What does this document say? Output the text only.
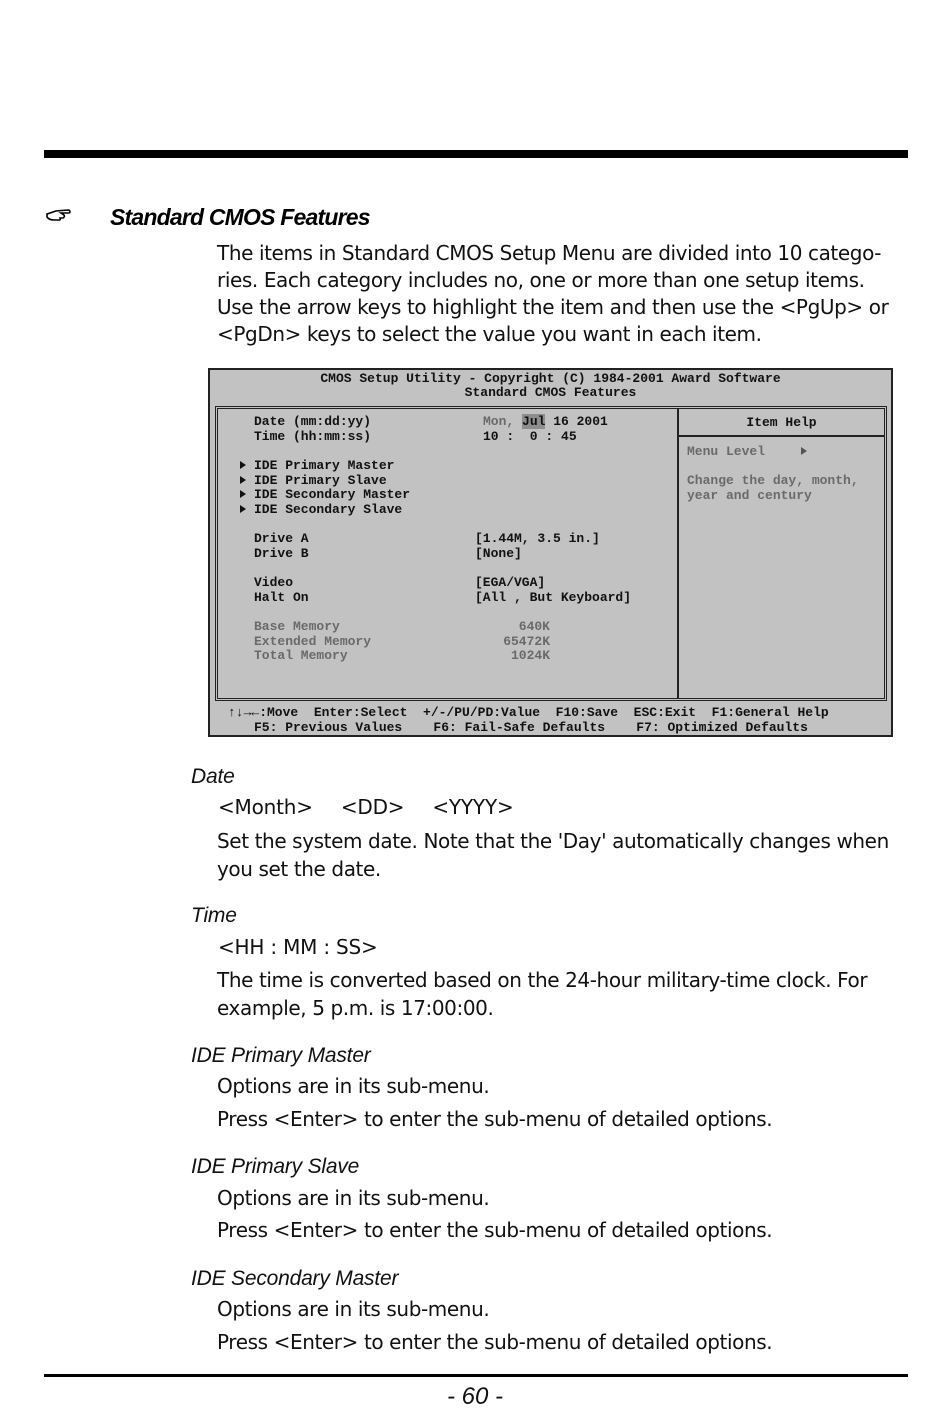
Standard CMOS Features
The items in Standard CMOS Setup Menu are divided into 10 catego-
ries. Each category includes no, one or more than one setup items.
Use the arrow keys to highlight the item and then use the <PgUp> or
<PgDn> keys to select the value you want in each item.
CMOS Setup Utility - Copyright (C) 1984-2001 Award Software
Standard CMOS Features
Date (mm:dd:yy)	Mon, Jul 16 2001
Time (hh:mm:ss)	10 :  0 : 45
IDE Primary Master
IDE Primary Slave
IDE Secondary Master
IDE Secondary Slave
Drive A	[1.44M, 3.5 in.]
Drive B	[None]
Video	[EGA/VGA]
Halt On	[All , But Keyboard]
Base Memory	640K
Extended Memory	65472K
Total Memory	1024K
Item Help
Menu Level
Change the day, month,
year and century
↑↓→←:Move  Enter:Select  +/-/PU/PD:Value  F10:Save  ESC:Exit  F1:General Help
F5: Previous Values    F6: Fail-Safe Defaults    F7: Optimized Defaults
Date
<Month> <DD> <YYYY>
Set the system date. Note that the 'Day' automatically changes when
you set the date.
Time
<HH : MM : SS>
The time is converted based on the 24-hour military-time clock. For
example, 5 p.m. is 17:00:00.
IDE Primary Master
Options are in its sub-menu.
Press <Enter> to enter the sub-menu of detailed options.
IDE Primary Slave
Options are in its sub-menu.
Press <Enter> to enter the sub-menu of detailed options.
IDE Secondary Master
Options are in its sub-menu.
Press <Enter> to enter the sub-menu of detailed options.
- 60 -
